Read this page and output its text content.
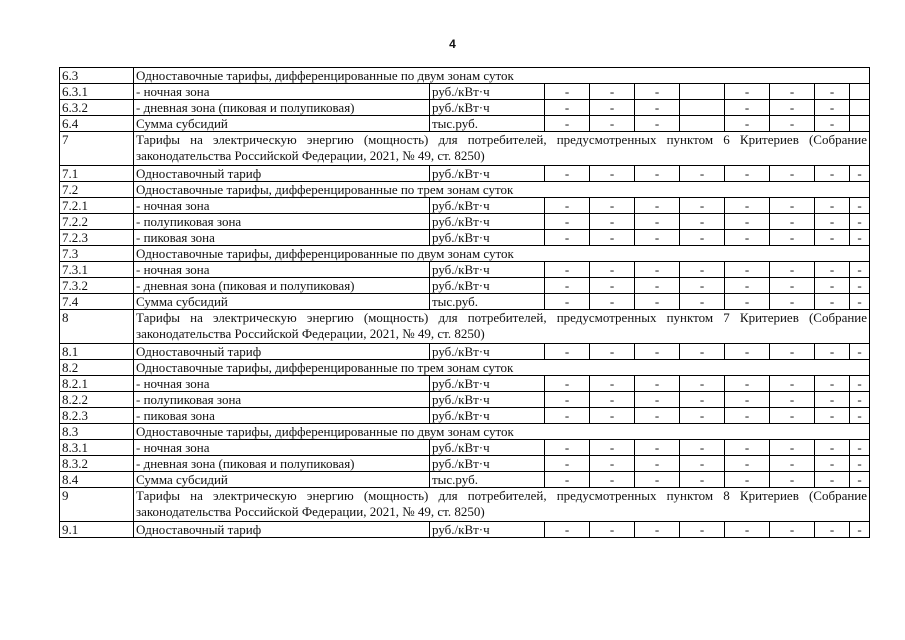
4
6.3	Одноставочные тарифы, дифференцированные по двум зонам суток									
6.3.1	- ночная зона	руб./кВт·ч	-	-	-		-	-	-	
6.3.2	- дневная зона (пиковая и полупиковая)	руб./кВт·ч	-	-	-		-	-	-	
6.4	Сумма субсидий	тыс.руб.	-	-	-		-	-	-	
7	Тарифы на электрическую энергию (мощность) для потребителей, предусмотренных пунктом 6 Критериев (Собрание законодательства Российской Федерации, 2021, № 49, ст. 8250)									
7.1	Одноставочный тариф	руб./кВт·ч	-	-	-	-	-	-	-	-
7.2	Одноставочные тарифы, дифференцированные по трем зонам суток									
7.2.1	- ночная зона	руб./кВт·ч	-	-	-	-	-	-	-	-
7.2.2	- полупиковая зона	руб./кВт·ч	-	-	-	-	-	-	-	-
7.2.3	- пиковая зона	руб./кВт·ч	-	-	-	-	-	-	-	-
7.3	Одноставочные тарифы, дифференцированные по двум зонам суток									
7.3.1	- ночная зона	руб./кВт·ч	-	-	-	-	-	-	-	-
7.3.2	- дневная зона (пиковая и полупиковая)	руб./кВт·ч	-	-	-	-	-	-	-	-
7.4	Сумма субсидий	тыс.руб.	-	-	-	-	-	-	-	-
8	Тарифы на электрическую энергию (мощность) для потребителей, предусмотренных пунктом 7 Критериев (Собрание законодательства Российской Федерации, 2021, № 49, ст. 8250)									
8.1	Одноставочный тариф	руб./кВт·ч	-	-	-	-	-	-	-	-
8.2	Одноставочные тарифы, дифференцированные по трем зонам суток									
8.2.1	- ночная зона	руб./кВт·ч	-	-	-	-	-	-	-	-
8.2.2	- полупиковая зона	руб./кВт·ч	-	-	-	-	-	-	-	-
8.2.3	- пиковая зона	руб./кВт·ч	-	-	-	-	-	-	-	-
8.3	Одноставочные тарифы, дифференцированные по двум зонам суток									
8.3.1	- ночная зона	руб./кВт·ч	-	-	-	-	-	-	-	-
8.3.2	- дневная зона (пиковая и полупиковая)	руб./кВт·ч	-	-	-	-	-	-	-	-
8.4	Сумма субсидий	тыс.руб.	-	-	-	-	-	-	-	-
9	Тарифы на электрическую энергию (мощность) для потребителей, предусмотренных пунктом 8 Критериев (Собрание законодательства Российской Федерации, 2021, № 49, ст. 8250)									
9.1	Одноставочный тариф	руб./кВт·ч	-	-	-	-	-	-	-	-
